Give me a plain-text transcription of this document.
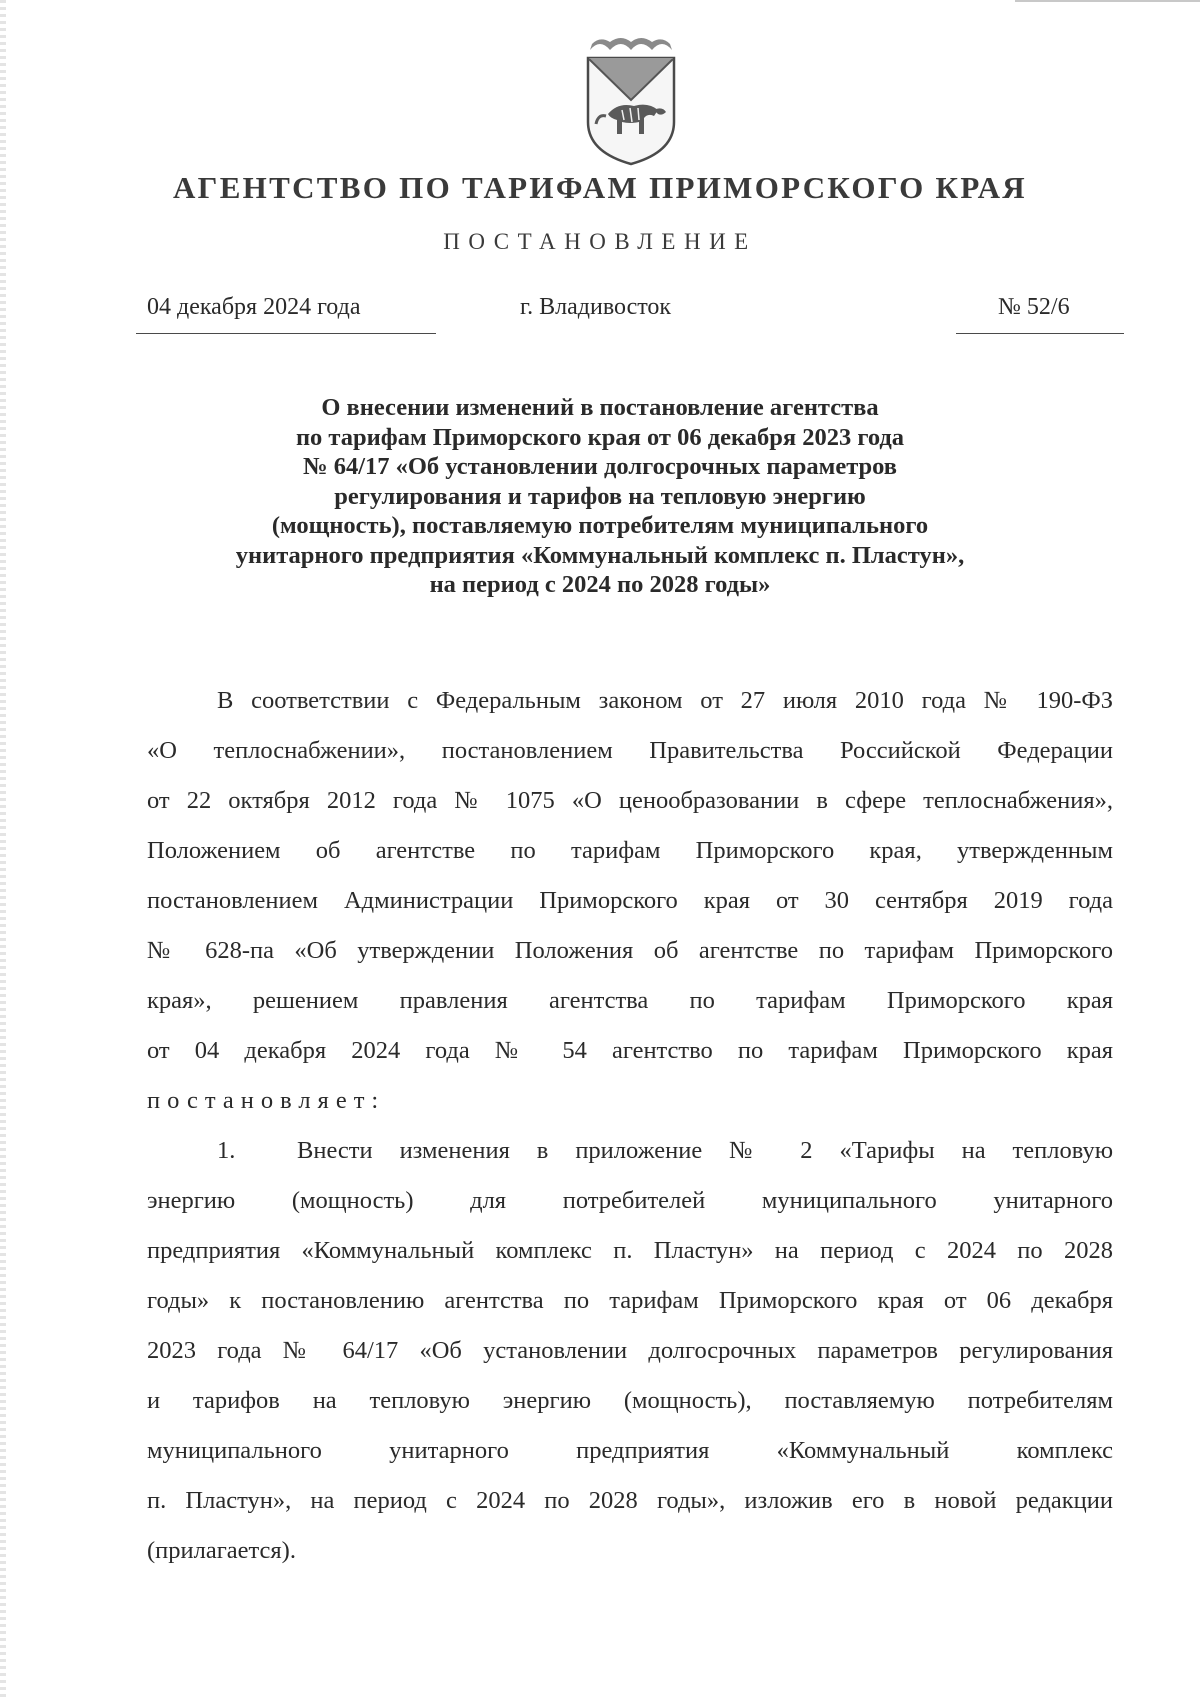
АГЕНТСТВО ПО ТАРИФАМ ПРИМОРСКОГО КРАЯ
ПОСТАНОВЛЕНИЕ
04 декабря 2024 года	г. Владивосток	№ 52/6
О внесении изменений в постановление агентства
по тарифам Приморского края от 06 декабря 2023 года
№ 64/17 «Об установлении долгосрочных параметров
регулирования и тарифов на тепловую энергию
(мощность), поставляемую потребителям муниципального
унитарного предприятия «Коммунальный комплекс п. Пластун»,
на период с 2024 по 2028 годы»

В соответствии с Федеральным законом от 27 июля 2010 года № 190-ФЗ
«О теплоснабжении», постановлением Правительства Российской Федерации
от 22 октября 2012 года № 1075 «О ценообразовании в сфере теплоснабжения»,
Положением об агентстве по тарифам Приморского края, утвержденным
постановлением Администрации Приморского края от 30 сентября 2019 года
№ 628-па «Об утверждении Положения об агентстве по тарифам Приморского
края», решением правления агентства по тарифам Приморского края
от 04 декабря 2024 года № 54 агентство по тарифам Приморского края
постановляет:

1.	Внести изменения в приложение № 2 «Тарифы на тепловую
энергию (мощность) для потребителей муниципального унитарного
предприятия «Коммунальный комплекс п. Пластун» на период с 2024 по 2028
годы» к постановлению агентства по тарифам Приморского края от 06 декабря
2023 года № 64/17 «Об установлении долгосрочных параметров регулирования
и тарифов на тепловую энергию (мощность), поставляемую потребителям
муниципального унитарного предприятия «Коммунальный комплекс
п. Пластун», на период с 2024 по 2028 годы», изложив его в новой редакции
(прилагается).
